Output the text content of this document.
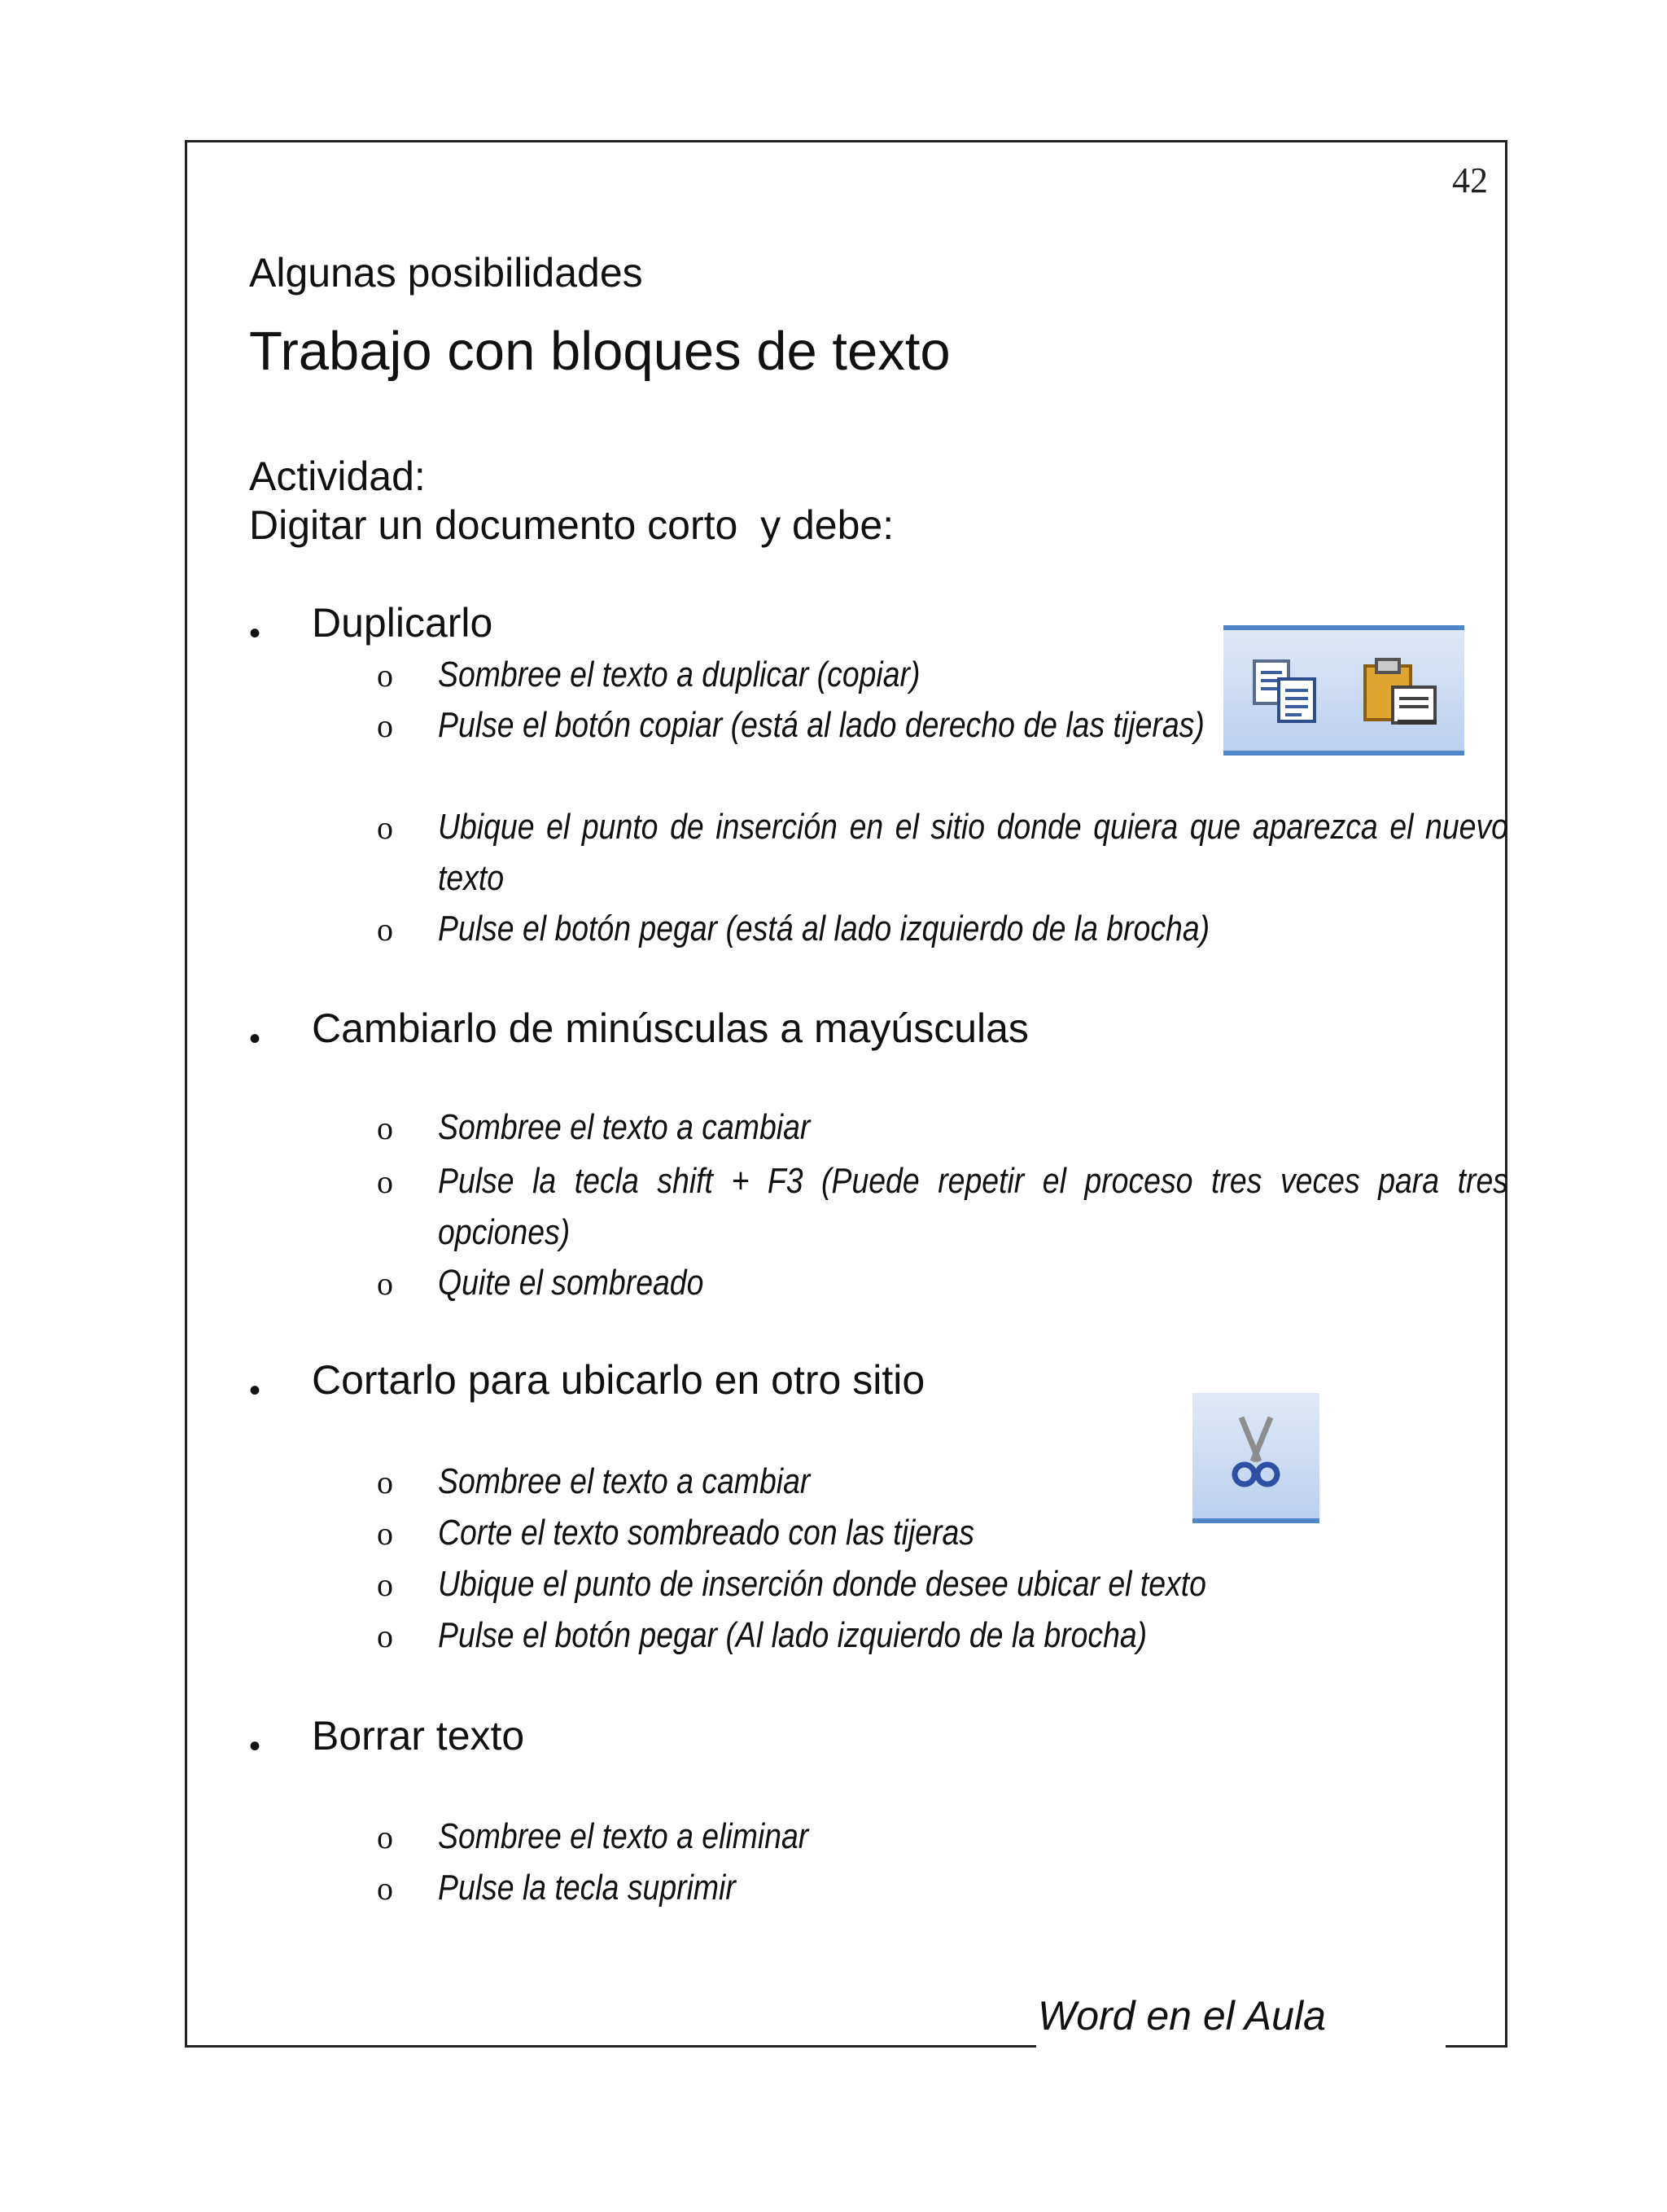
42
Algunas posibilidades
Trabajo con bloques de texto
Actividad:
Digitar un documento corto  y debe:
• Duplicarlo
o Sombree el texto a duplicar (copiar)
o Pulse el botón copiar (está al lado derecho de las tijeras)
o Ubique el punto de inserción en el sitio donde quiera que aparezca el nuevo texto
o Pulse el botón pegar (está al lado izquierdo de la brocha)
• Cambiarlo de minúsculas a mayúsculas
o Sombree el texto a cambiar
o Pulse la tecla shift + F3 (Puede repetir el proceso tres veces para tres opciones)
o Quite el sombreado
• Cortarlo para ubicarlo en otro sitio
o Sombree el texto a cambiar
o Corte el texto sombreado con las tijeras
o Ubique el punto de inserción donde desee ubicar el texto
o Pulse el botón pegar (Al lado izquierdo de la brocha)
• Borrar texto
o Sombree el texto a eliminar
o Pulse la tecla suprimir
Word en el Aula
